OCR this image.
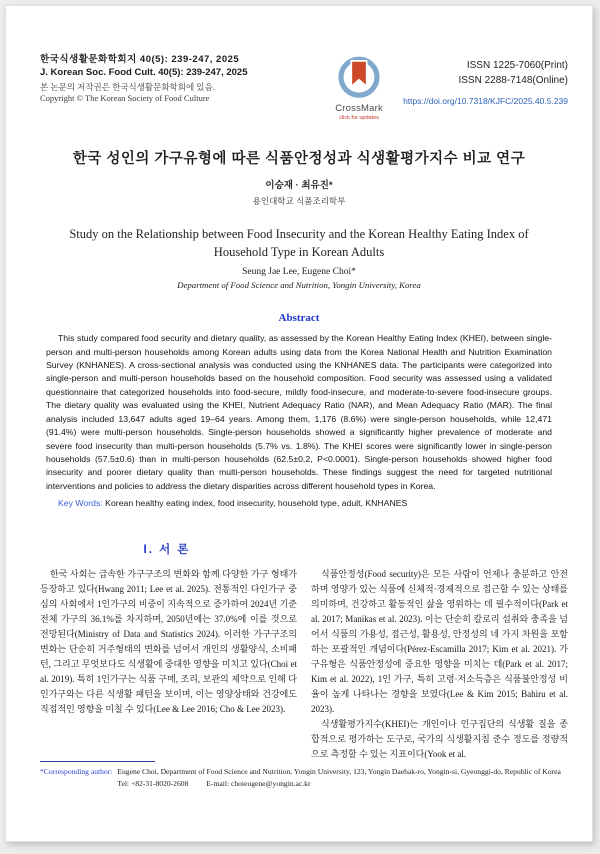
한국식생활문화학회지 40(5): 239-247, 2025
J. Korean Soc. Food Cult. 40(5): 239-247, 2025
본 논문의 저작권은 한국식생활문화학회에 있음.
Copyright © The Korean Society of Food Culture
CrossMark
click for updates
ISSN 1225-7060(Print)
ISSN 2288-7148(Online)
https://doi.org/10.7318/KJFC/2025.40.5.239
한국 성인의 가구유형에 따른 식품안정성과 식생활평가지수 비교 연구
이승재 · 최유진*
용인대학교 식품조리학부
Study on the Relationship between Food Insecurity and the Korean Healthy Eating Index of
Household Type in Korean Adults
Seung Jae Lee, Eugene Choi*
Department of Food Science and Nutrition, Yongin University, Korea
Abstract
This study compared food security and dietary quality, as assessed by the Korean Healthy Eating Index (KHEI), between single-person and multi-person households among Korean adults using data from the Korea National Health and Nutrition Examination Survey (KNHANES). A cross-sectional analysis was conducted using the KNHANES data. The participants were categorized into single-person and multi-person households based on the household composition. Food security was assessed using a validated questionnaire that categorized households into food-secure, mildly food-insecure, and moderate-to-severe food-insecure groups. The dietary quality was evaluated using the KHEI, Nutrient Adequacy Ratio (NAR), and Mean Adequacy Ratio (MAR). The final analysis included 13,647 adults aged 19–64 years. Among them, 1,176 (8.6%) were single-person households, while 12,471 (91.4%) were multi-person households. Single-person households showed a significantly higher prevalence of moderate and severe food insecurity than multi-person households (5.7% vs. 1.8%). The KHEI scores were significantly lower in single-person households (57.5±0.6) than in multi-person households (62.5±0.2, P<0.0001). Single-person households showed higher food insecurity and poorer dietary quality than multi-person households. These findings suggest the need for targeted nutritional interventions and policies to address the dietary disparities across different household types in Korea.
Key Words: Korean healthy eating index, food insecurity, household type, adult, KNHANES
I. 서 론

한국 사회는 급속한 가구구조의 변화와 함께 다양한 가구 형태가 등장하고 있다(Hwang 2011; Lee et al. 2025). 전통적인 다인가구 중심의 사회에서 1인가구의 비중이 지속적으로 증가하여 2024년 기준 전체 가구의 36.1%를 차지하며, 2050년에는 37.0%에 이를 것으로 전망된다(Ministry of Data and Statistics 2024). 이러한 가구구조의 변화는 단순히 거주형태의 변화를 넘어서 개인의 생활양식, 소비패턴, 그리고 무엇보다도 식생활에 중대한 영향을 미치고 있다(Choi et al. 2019). 특히 1인가구는 식품 구매, 조리, 보관의 제약으로 인해 다인가구와는 다른 식생활 패턴을 보이며, 이는 영양상태와 건강에도 직접적인 영향을 미칠 수 있다(Lee & Lee 2016; Cho & Lee 2023).

식품안정성(Food security)은 모든 사람이 언제나 충분하고 안전하며 영양가 있는 식품에 신체적·경제적으로 접근할 수 있는 상태를 의미하며, 건강하고 활동적인 삶을 영위하는 데 필수적이다(Park et al. 2017; Manikas et al. 2023). 이는 단순히 칼로리 섭취와 충족을 넘어서 식품의 가용성, 접근성, 활용성, 안정성의 네 가지 차원을 포함하는 포괄적인 개념이다(Pérez-Escamilla 2017; Kim et al. 2021). 가구유형은 식품안정성에 중요한 영향을 미치는 데(Park et al. 2017; Kim et al. 2022), 1인 가구, 특히 고령·저소득층은 식품불안정성 비율이 높게 나타나는 경향을 보였다(Lee & Kim 2015; Bahiru et al. 2023).

식생활평가지수(KHEI)는 개인이나 인구집단의 식생활 질을 종합적으로 평가하는 도구로, 국가의 식생활지침 준수 정도를 정량적으로 측정할 수 있는 지표이다(Yook et al.

*Corresponding author: Eugene Choi, Department of Food Science and Nutrition, Yongin University, 123, Yongin Daehak-ro, Yongin-si, Gyeonggi-do, Republic of Korea
Tel: +82-31-8020-2608 E-mail: choieugene@yongin.ac.kr
